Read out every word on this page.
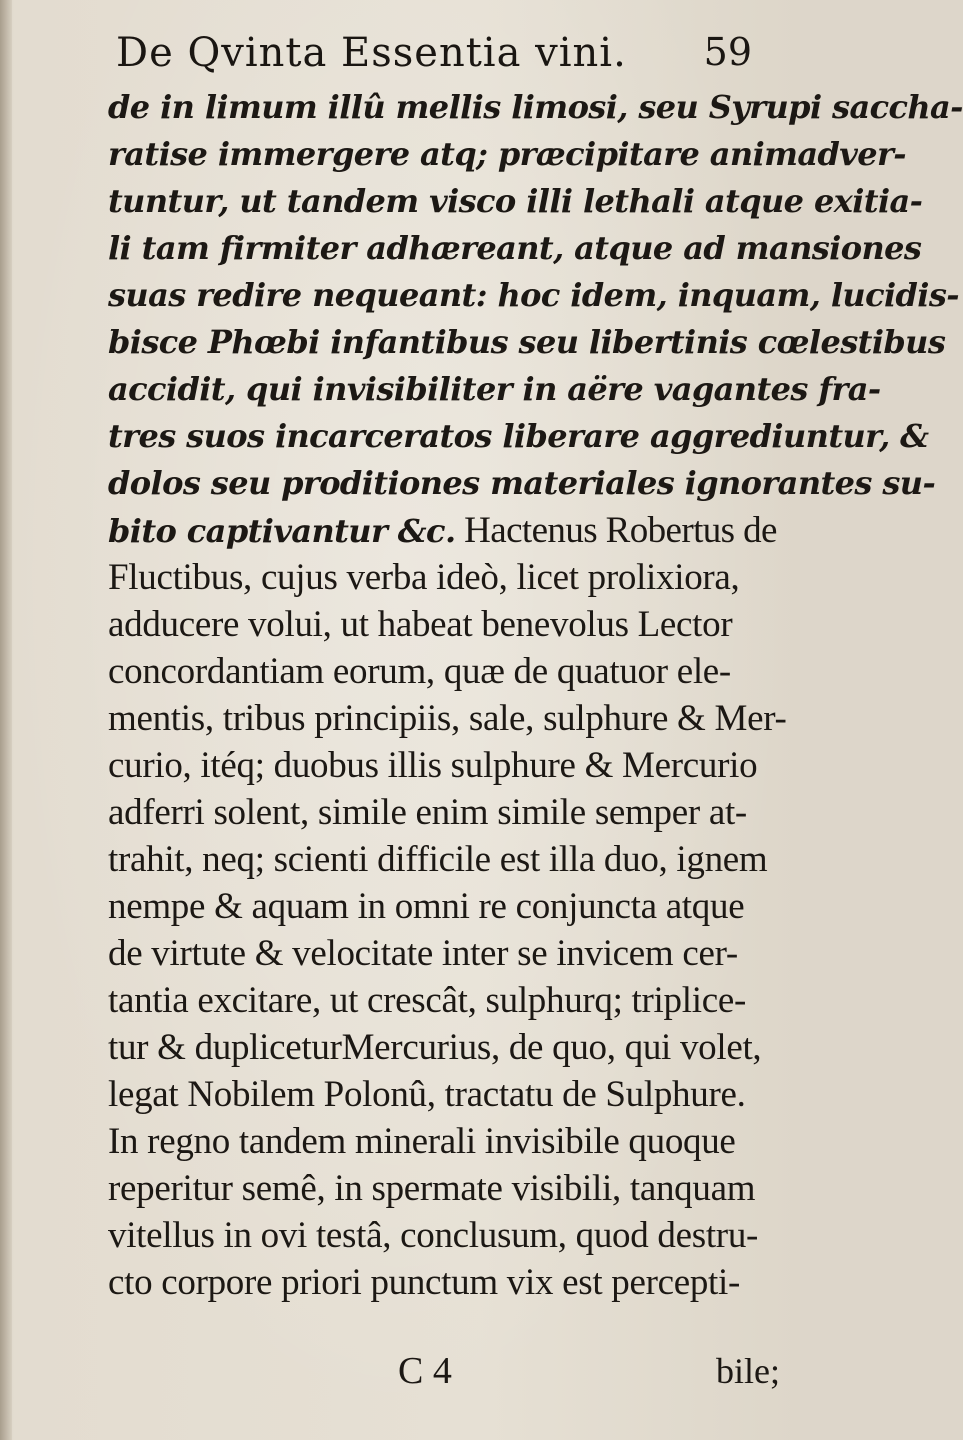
De Qvinta Essentia vini. 59
de in limum illû mellis limosi, seu Syrupi saccha-
ratise immergere atq; præcipitare animadver-
tuntur, ut tandem visco illi lethali atque exitia-
li tam firmiter adhæreant, atque ad mansiones
suas redire nequeant: hoc idem, inquam, lucidis-
bisce Phœbi infantibus seu libertinis cœlestibus
accidit, qui invisibiliter in aëre vagantes fra-
tres suos incarceratos liberare aggrediuntur, &
dolos seu proditiones materiales ignorantes su-
bito captivantur &c. Hactenus Robertus de
Fluctibus, cujus verba ideò, licet prolixiora,
adducere volui, ut habeat benevolus Lector
concordantiam eorum, quæ de quatuor ele-
mentis, tribus principiis, sale, sulphure & Mer-
curio, itéq; duobus illis sulphure & Mercurio
adferri solent, simile enim simile semper at-
trahit, neq; scienti difficile est illa duo, ignem
nempe & aquam in omni re conjuncta atque
de virtute & velocitate inter se invicem cer-
tantia excitare, ut crescât, sulphurq; triplice-
tur & dupliceturMercurius, de quo, qui volet,
legat Nobilem Polonû, tractatu de Sulphure.
In regno tandem minerali invisibile quoque
reperitur semê, in spermate visibili, tanquam
vitellus in ovi testâ, conclusum, quod destru-
cto corpore priori punctum vix est percepti-
C 4	bile;
